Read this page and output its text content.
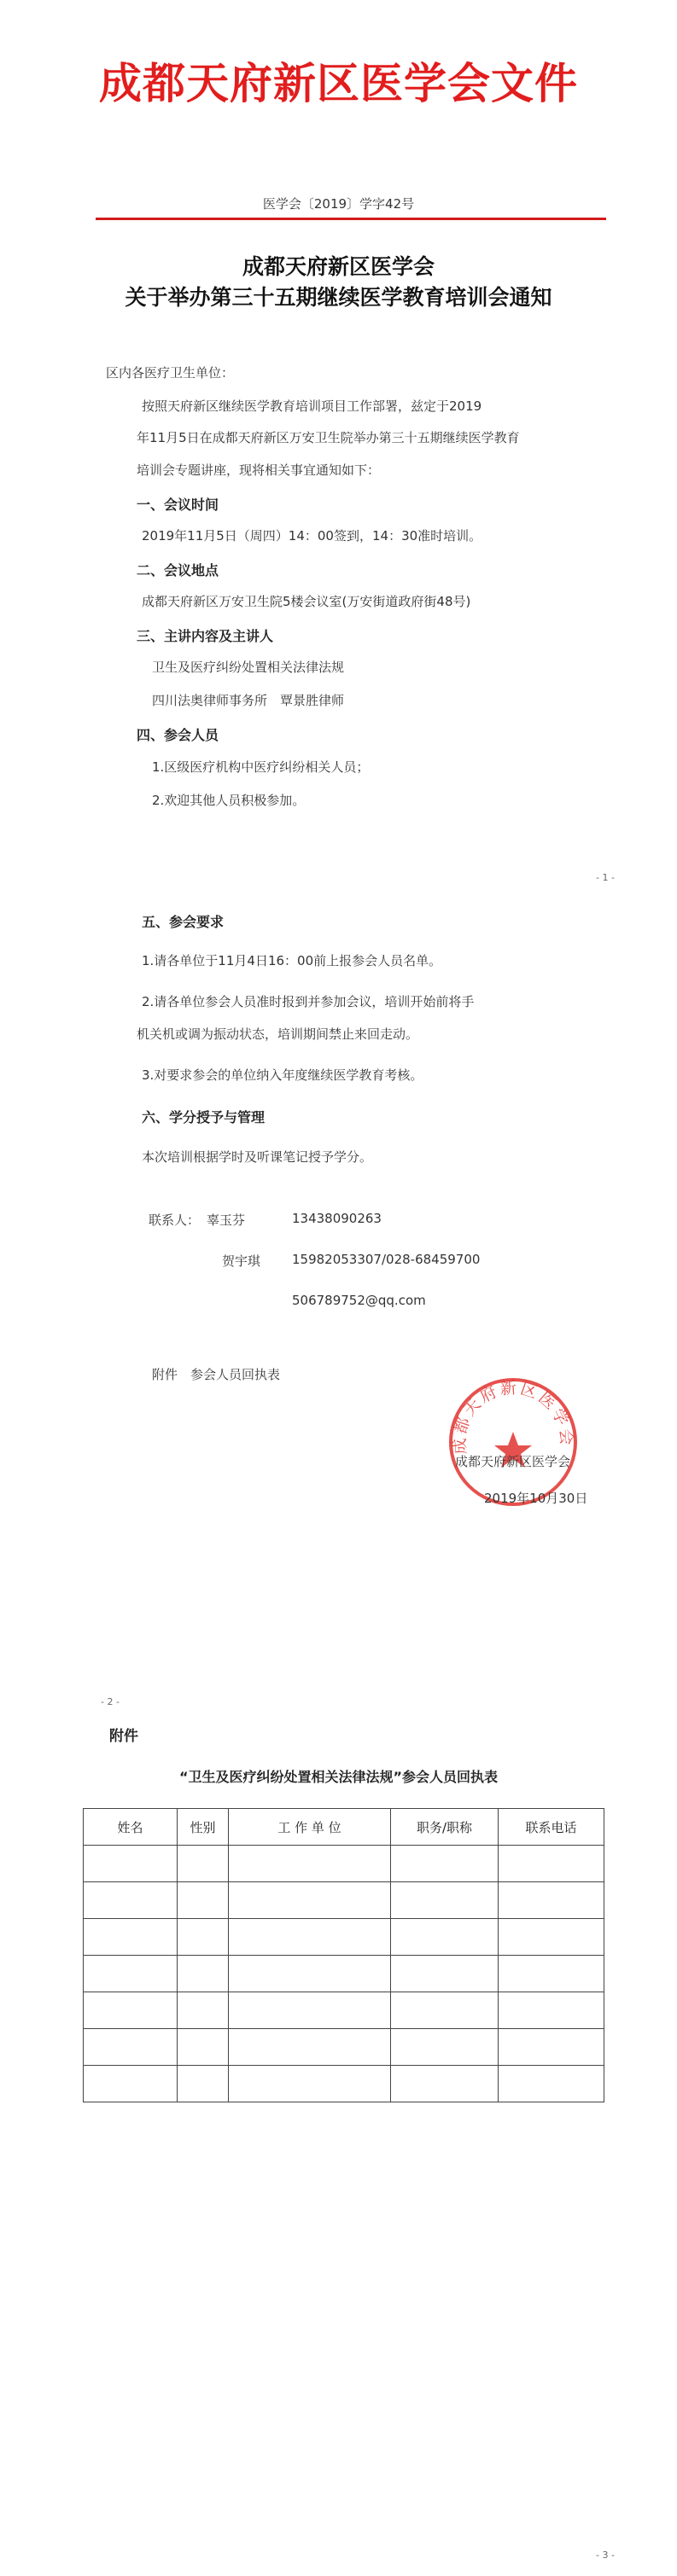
成都天府新区医学会文件
医学会〔2019〕学字42号
成都天府新区医学会
关于举办第三十五期继续医学教育培训会通知
区内各医疗卫生单位：
按照天府新区继续医学教育培训项目工作部署，兹定于2019
年11月5日在成都天府新区万安卫生院举办第三十五期继续医学教育
培训会专题讲座，现将相关事宜通知如下：
一、会议时间
2019年11月5日（周四）14：00签到，14：30准时培训。
二、会议地点
成都天府新区万安卫生院5楼会议室(万安街道政府街48号)
三、主讲内容及主讲人
卫生及医疗纠纷处置相关法律法规
四川法奥律师事务所　覃景胜律师
四、参会人员
1.区级医疗机构中医疗纠纷相关人员；
2.欢迎其他人员积极参加。
- 1 -
五、参会要求
1.请各单位于11月4日16：00前上报参会人员名单。
2.请各单位参会人员准时报到并参加会议，培训开始前将手
机关机或调为振动状态，培训期间禁止来回走动。
3.对要求参会的单位纳入年度继续医学教育考核。
六、学分授予与管理
本次培训根据学时及听课笔记授予学分。
联系人： 辜玉芬	13438090263
贺宇琪 15982053307/028-68459700
506789752@qq.com
附件　参会人员回执表
成都天府新区医学会
成都天府新区医学会
2019年10月30日
- 2 -
附件
“卫生及医疗纠纷处置相关法律法规”参会人员回执表
姓名	性别	工 作 单 位	职务/职称	联系电话

- 3 -
